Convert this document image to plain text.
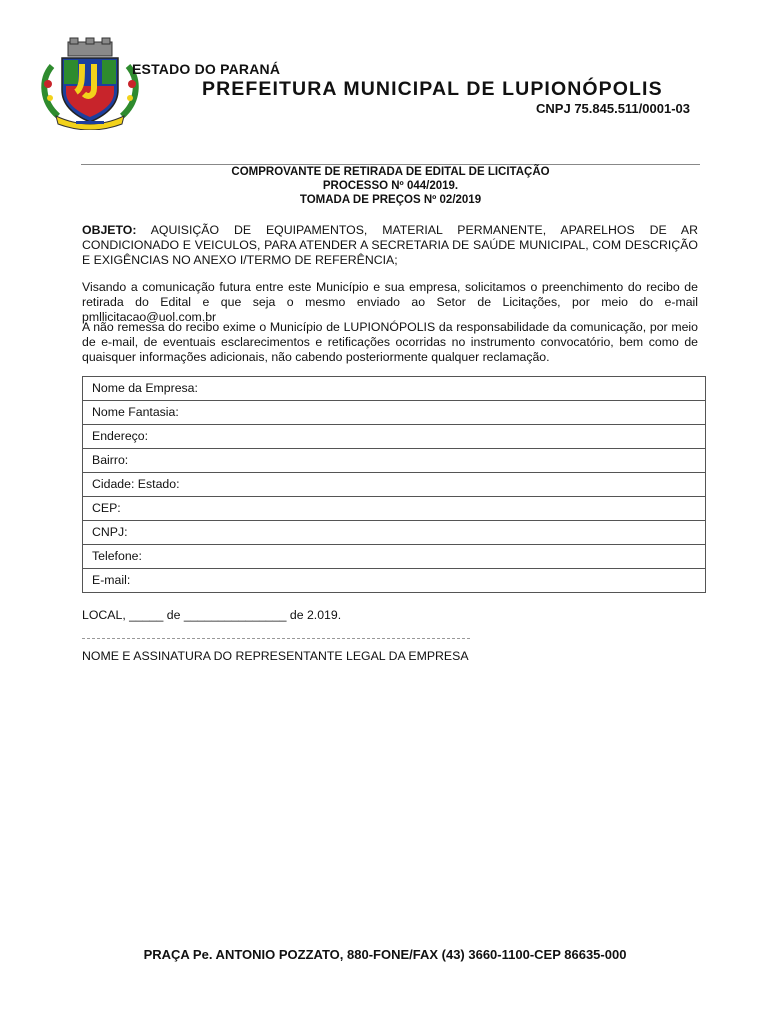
ESTADO DO PARANÁ
PREFEITURA MUNICIPAL DE LUPIONÓPOLIS
CNPJ 75.845.511/0001-03
COMPROVANTE DE RETIRADA DE EDITAL DE LICITAÇÃO
PROCESSO Nº 044/2019.
TOMADA DE PREÇOS Nº 02/2019
OBJETO: AQUISIÇÃO DE EQUIPAMENTOS, MATERIAL PERMANENTE, APARELHOS DE AR CONDICIONADO E VEICULOS, PARA ATENDER A SECRETARIA DE SAÚDE MUNICIPAL, COM DESCRIÇÃO E EXIGÊNCIAS NO ANEXO I/TERMO DE REFERÊNCIA;
Visando a comunicação futura entre este Município e sua empresa, solicitamos o preenchimento do recibo de retirada do Edital e que seja o mesmo enviado ao Setor de Licitações, por meio do e-mail pmllicitacao@uol.com.br
A não remessa do recibo exime o Município de LUPIONÓPOLIS da responsabilidade da comunicação, por meio de e-mail, de eventuais esclarecimentos e retificações ocorridas no instrumento convocatório, bem como de quaisquer informações adicionais, não cabendo posteriormente qualquer reclamação.
Nome da Empresa:
Nome Fantasia:
Endereço:
Bairro:
Cidade: Estado:
CEP:
CNPJ:
Telefone:
E-mail:
LOCAL, _____ de _______________ de 2.019.
NOME E ASSINATURA DO REPRESENTANTE LEGAL DA EMPRESA
PRAÇA Pe. ANTONIO POZZATO, 880-FONE/FAX (43) 3660-1100-CEP 86635-000
